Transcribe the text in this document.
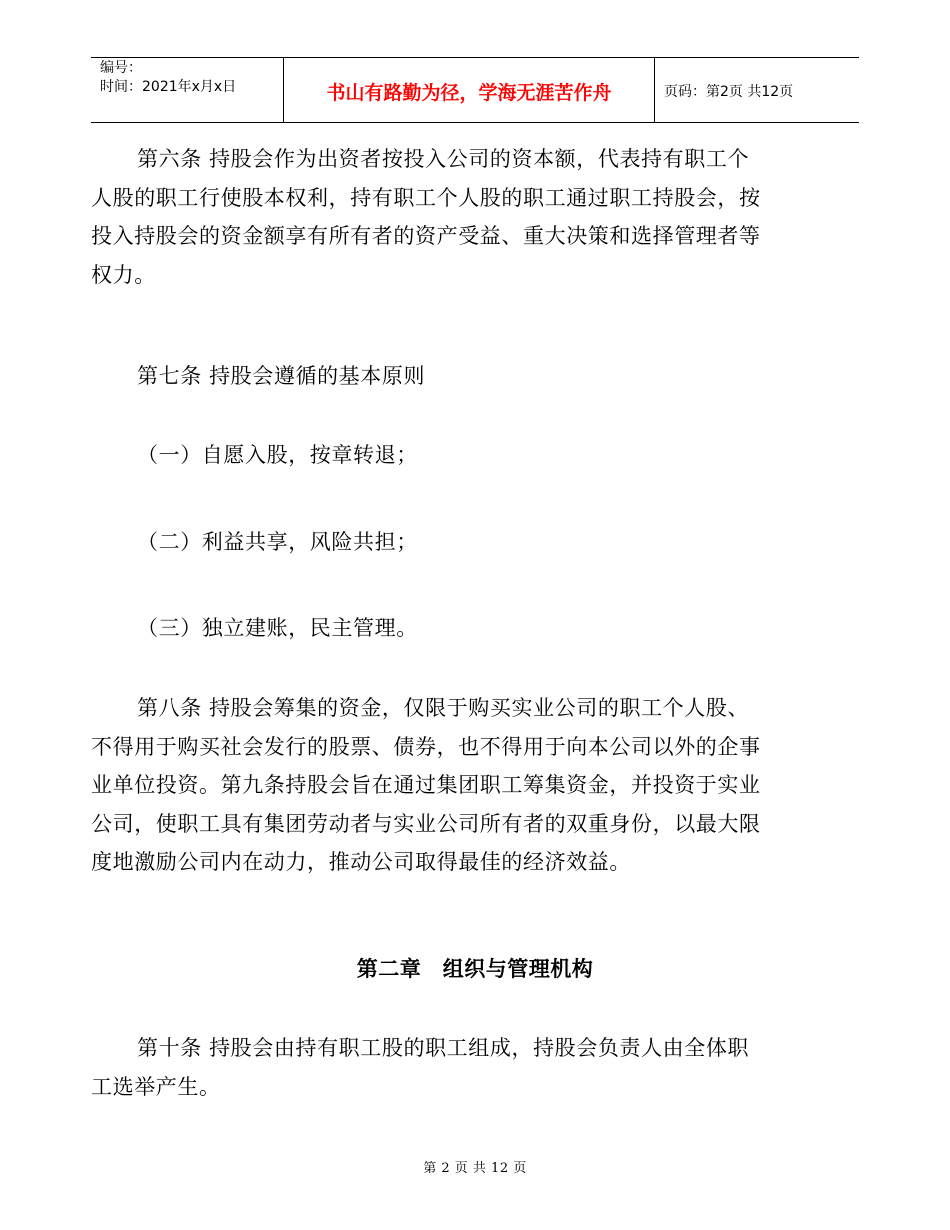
编号：
时间：2021年x月x日	书山有路勤为径，学海无涯苦作舟	页码：第2页 共12页
第六条 持股会作为出资者按投入公司的资本额，代表持有职工个
人股的职工行使股本权利，持有职工个人股的职工通过职工持股会，按
投入持股会的资金额享有所有者的资产受益、重大决策和选择管理者等
权力。
第七条 持股会遵循的基本原则
（一）自愿入股，按章转退；
（二）利益共享，风险共担；
（三）独立建账，民主管理。
第八条 持股会筹集的资金，仅限于购买实业公司的职工个人股、
不得用于购买社会发行的股票、债券，也不得用于向本公司以外的企事
业单位投资。第九条持股会旨在通过集团职工筹集资金，并投资于实业
公司，使职工具有集团劳动者与实业公司所有者的双重身份，以最大限
度地激励公司内在动力，推动公司取得最佳的经济效益。
第二章　组织与管理机构
第十条 持股会由持有职工股的职工组成，持股会负责人由全体职
工选举产生。
第 2 页 共 12 页
